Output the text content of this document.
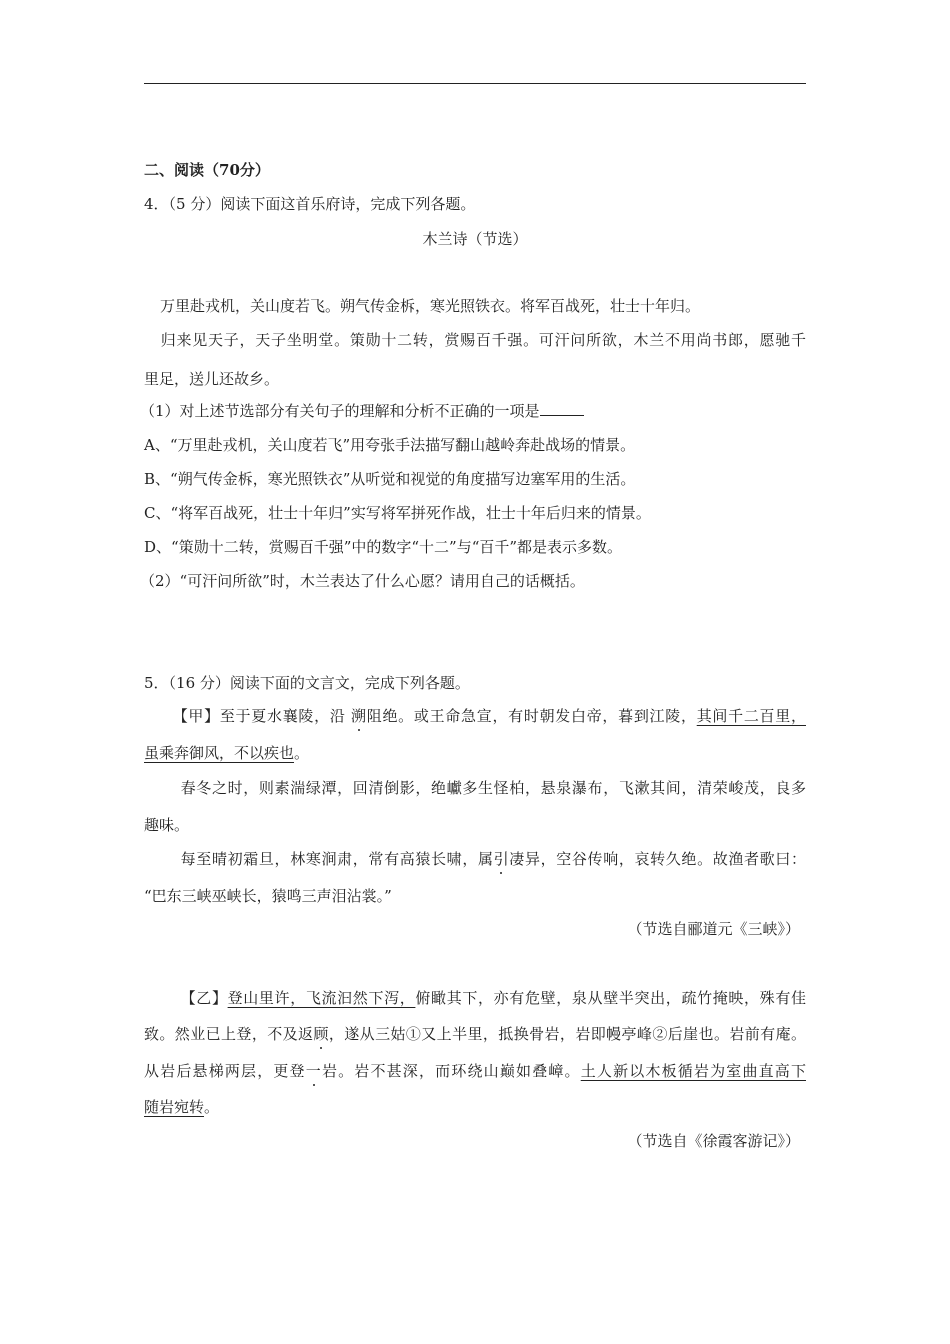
二、阅读（70分）
4．（5 分）阅读下面这首乐府诗，完成下列各题。
木兰诗（节选）
万里赴戎机，关山度若飞。朔气传金柝，寒光照铁衣。将军百战死，壮士十年归。
归来见天子，天子坐明堂。策勋十二转，赏赐百千强。可汗问所欲，木兰不用尚书郎，愿驰千
里足，送儿还故乡。
（1）对上述节选部分有关句子的理解和分析不正确的一项是
A、“万里赴戎机，关山度若飞”用夸张手法描写翻山越岭奔赴战场的情景。
B、“朔气传金柝，寒光照铁衣”从听觉和视觉的角度描写边塞军用的生活。
C、“将军百战死，壮士十年归”实写将军拼死作战，壮士十年后归来的情景。
D、“策勋十二转，赏赐百千强”中的数字“十二”与“百千”都是表示多数。
（2）“可汗问所欲”时，木兰表达了什么心愿？请用自己的话概括。
5．（16 分）阅读下面的文言文，完成下列各题。
【甲】至于夏水襄陵，沿 溯阻绝。或王命急宣，有时朝发白帝，暮到江陵，其间千二百里，
虽乘奔御风，不以疾也。
春冬之时，则素湍绿潭，回清倒影，绝巘多生怪柏，悬泉瀑布，飞漱其间，清荣峻茂，良多
趣味。
每至晴初霜旦，林寒涧肃，常有高猿长啸，属引凄异，空谷传响，哀转久绝。故渔者歌曰：
“巴东三峡巫峡长，猿鸣三声泪沾裳。”
（节选自郦道元《三峡》）
【乙】登山里许，飞流汩然下泻，俯瞰其下，亦有危壁，泉从壁半突出，疏竹掩映，殊有佳
致。然业已上登，不及返顾，遂从三姑①又上半里，抵换骨岩，岩即幔亭峰②后崖也。岩前有庵。
从岩后悬梯两层，更登一岩。岩不甚深，而环绕山巅如叠嶂。土人新以木板循岩为室曲直高下
随岩宛转。
（节选自《徐霞客游记》）
